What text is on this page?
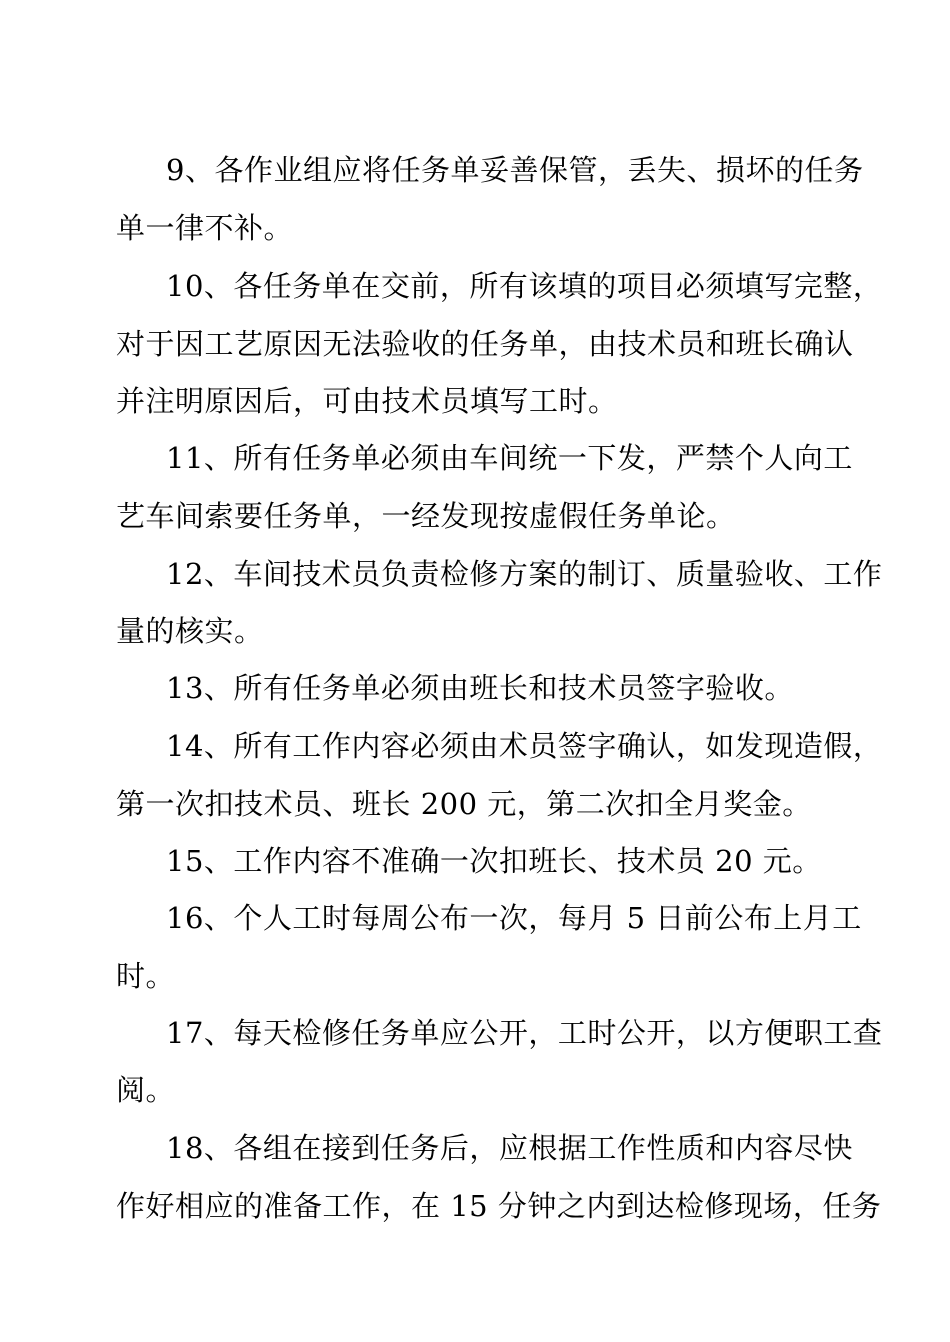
9、各作业组应将任务单妥善保管，丢失、损坏的任务
单一律不补。
10、各任务单在交前，所有该填的项目必须填写完整，
对于因工艺原因无法验收的任务单，由技术员和班长确认
并注明原因后，可由技术员填写工时。
11、所有任务单必须由车间统一下发，严禁个人向工
艺车间索要任务单，一经发现按虚假任务单论。
12、车间技术员负责检修方案的制订、质量验收、工作
量的核实。
13、所有任务单必须由班长和技术员签字验收。
14、所有工作内容必须由术员签字确认，如发现造假，
第一次扣技术员、班长 200 元，第二次扣全月奖金。
15、工作内容不准确一次扣班长、技术员 20 元。
16、个人工时每周公布一次，每月 5 日前公布上月工
时。
17、每天检修任务单应公开，工时公开，以方便职工查
阅。
18、各组在接到任务后，应根据工作性质和内容尽快
作好相应的准备工作，在 15 分钟之内到达检修现场，任务
